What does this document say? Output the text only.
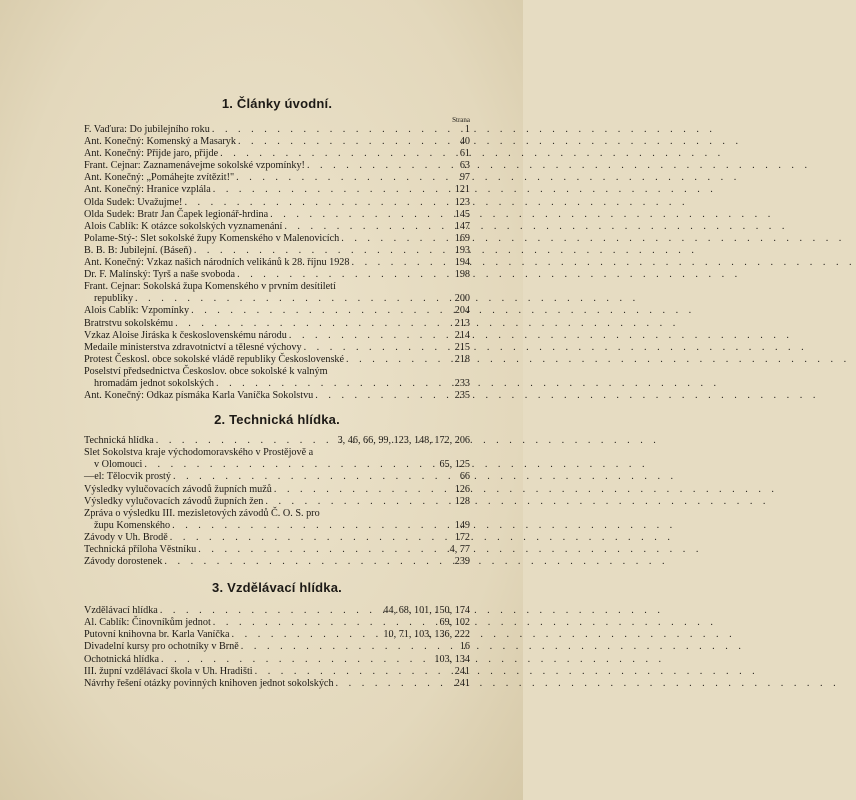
1. Články úvodní.
Strana
F. Vaďura: Do jubilejního roku . . .	1
Ant. Konečný: Komenský a Masaryk . . .	40
Ant. Konečný: Přijde jaro, přijde . . .	61
Frant. Cejnar: Zaznamenávejme sokolské vzpomínky! . . .	63
Ant. Konečný: „Pomáhejte zvítězit!" . . .	97
Ant. Konečný: Hranice vzplála . . .	121
Olda Sudek: Uvažujme! . . .	123
Olda Sudek: Bratr Jan Čapek legionář-hrdina . . .	145
Alois Cablík: K otázce sokolských vyznamenání . . .	147
Polame-Stý-: Slet sokolské župy Komenského v Malenovicích . . .	169
B. B. B: Jubilejní. (Báseň) . . .	193
Ant. Konečný: Vzkaz našich národních velikánů k 28. říjnu 1928 . . .	194
Dr. F. Malínský: Tyrš a naše svoboda . . .	198
Frant. Cejnar: Sokolská župa Komenského v prvním desítiletí
republiky . . .	200
Alois Cablík: Vzpomínky . . .	204
Bratrstvu sokolskému . . .	213
Vzkaz Aloise Jiráska k československému národu . . .	214
Medaile ministerstva zdravotnictví a tělesné výchovy . . .	215
Protest Českosl. obce sokolské vládě republiky Československé . . .	218
Poselství předsednictva Českoslov. obce sokolské k valným
hromadám jednot sokolských . . .	233
Ant. Konečný: Odkaz písmáka Karla Vaníčka Sokolstvu . . .	235
2. Technická hlídka.
Technická hlídka . . .	3, 46, 66, 99, 123, 148, 172, 206
Slet Sokolstva kraje východomoravského v Prostějově a
v Olomouci . . .	65, 125
—el: Tělocvik prostý . . .	66
Výsledky vylučovacích závodů župních mužů . . .	126
Výsledky vylučovacích závodů župních žen . . .	128
Zpráva o výsledku III. mezisletových závodů Č. O. S. pro
župu Komenského . . .	149
Závody v Uh. Brodě . . .	172
Technická příloha Věstníku . . .	4, 77
Závody dorostenek . . .	239
3. Vzdělávací hlídka.
Vzdělávací hlídka . . .	44, 68, 101, 150, 174
Al. Cablík: Činovníkům jednot . . .	69, 102
Putovní knihovna br. Karla Vaníčka . . .	10, 71, 103, 136, 222
Divadelní kursy pro ochotníky v Brně . . .	16
Ochotnická hlídka . . .	103, 134
III. župní vzdělávací škola v Uh. Hradišti . . .	241
Návrhy řešení otázky povinných knihoven jednot sokolských . . .	241
